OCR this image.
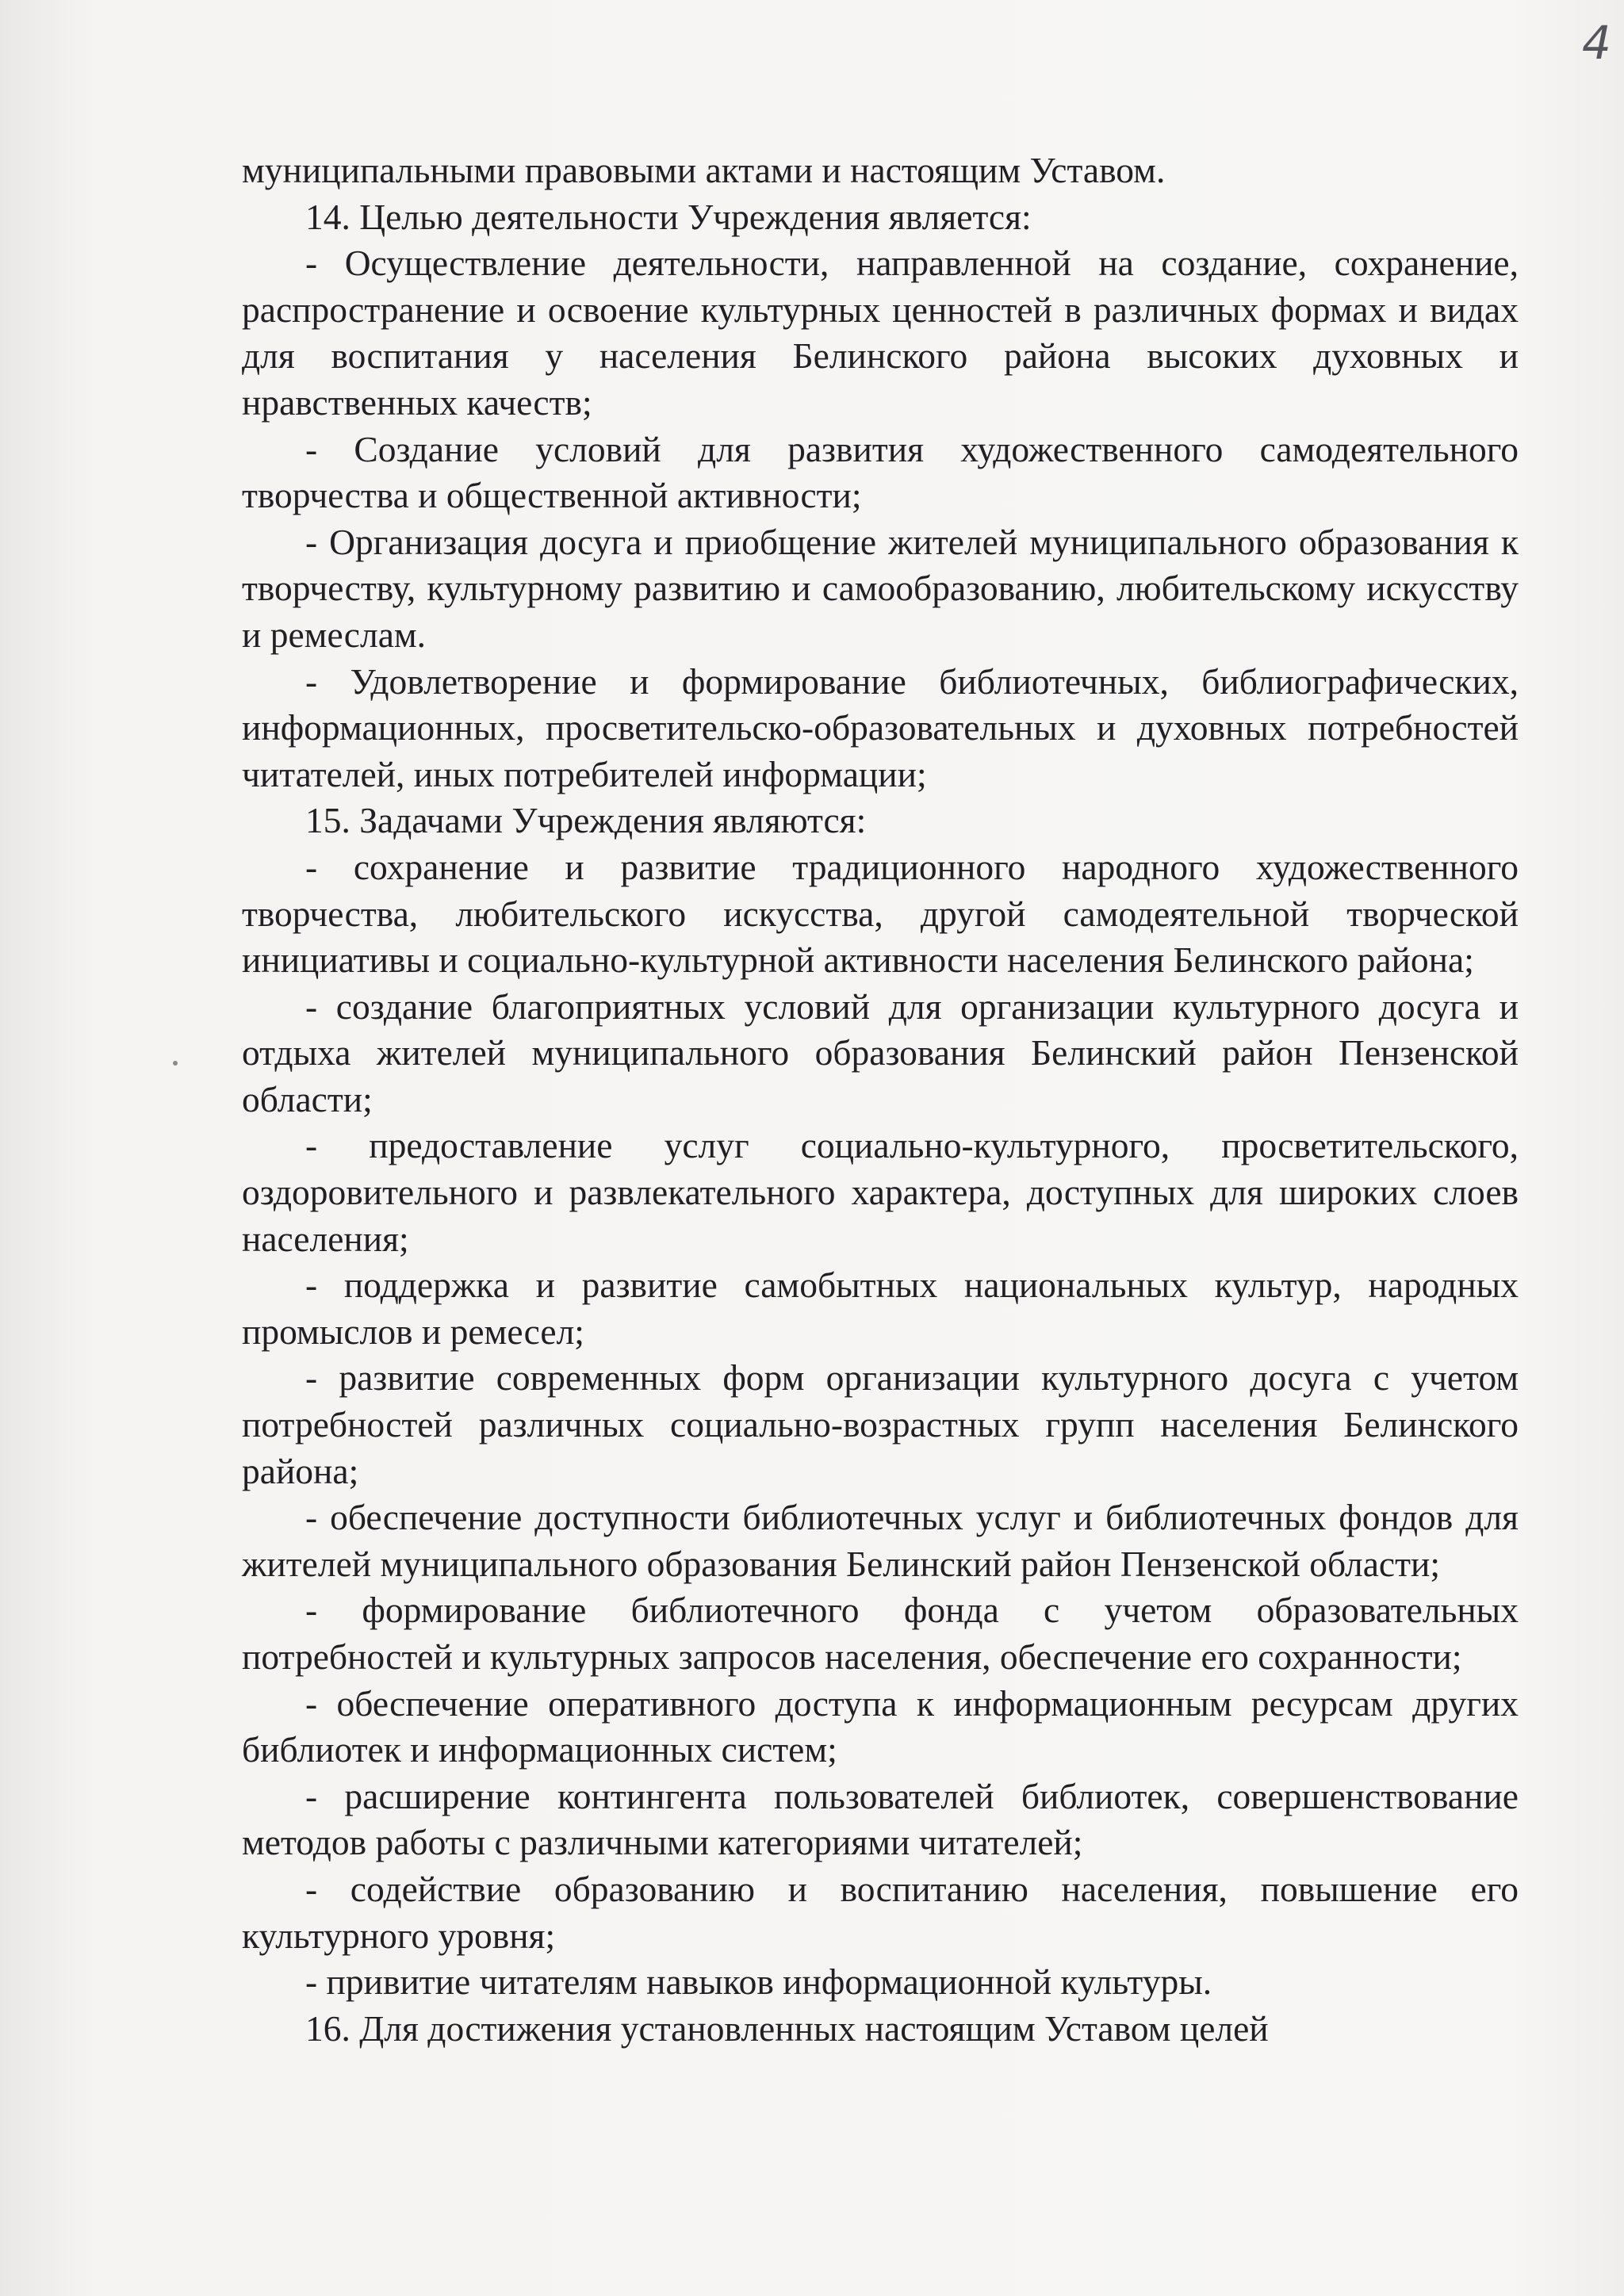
4

муниципальными правовыми актами и настоящим Уставом.

14. Целью деятельности Учреждения является:

- Осуществление деятельности, направленной на создание, сохранение, распространение и освоение культурных ценностей в различных формах и видах для воспитания у населения Белинского района высоких духовных и нравственных качеств;

- Создание условий для развития художественного самодеятельного творчества и общественной активности;

- Организация досуга и приобщение жителей муниципального образования к творчеству, культурному развитию и самообразованию, любительскому искусству и ремеслам.

- Удовлетворение и формирование библиотечных, библиографических, информационных, просветительско-образовательных и духовных потребностей читателей, иных потребителей информации;

15. Задачами Учреждения являются:

- сохранение и развитие традиционного народного художественного творчества, любительского искусства, другой самодеятельной творческой инициативы и социально-культурной активности населения Белинского района;

- создание благоприятных условий для организации культурного досуга и отдыха жителей муниципального образования Белинский район Пензенской области;

- предоставление услуг социально-культурного, просветительского, оздоровительного и развлекательного характера, доступных для широких слоев населения;

- поддержка и развитие самобытных национальных культур, народных промыслов и ремесел;

- развитие современных форм организации культурного досуга с учетом потребностей различных социально-возрастных групп населения Белинского района;

- обеспечение доступности библиотечных услуг и библиотечных фондов для жителей муниципального образования Белинский район Пензенской области;

- формирование библиотечного фонда с учетом образовательных потребностей и культурных запросов населения, обеспечение его сохранности;

- обеспечение оперативного доступа к информационным ресурсам других библиотек и информационных систем;

- расширение контингента пользователей библиотек, совершенствование методов работы с различными категориями читателей;

- содействие образованию и воспитанию населения, повышение его культурного уровня;

- привитие читателям навыков информационной культуры.

16. Для достижения установленных настоящим Уставом целей
